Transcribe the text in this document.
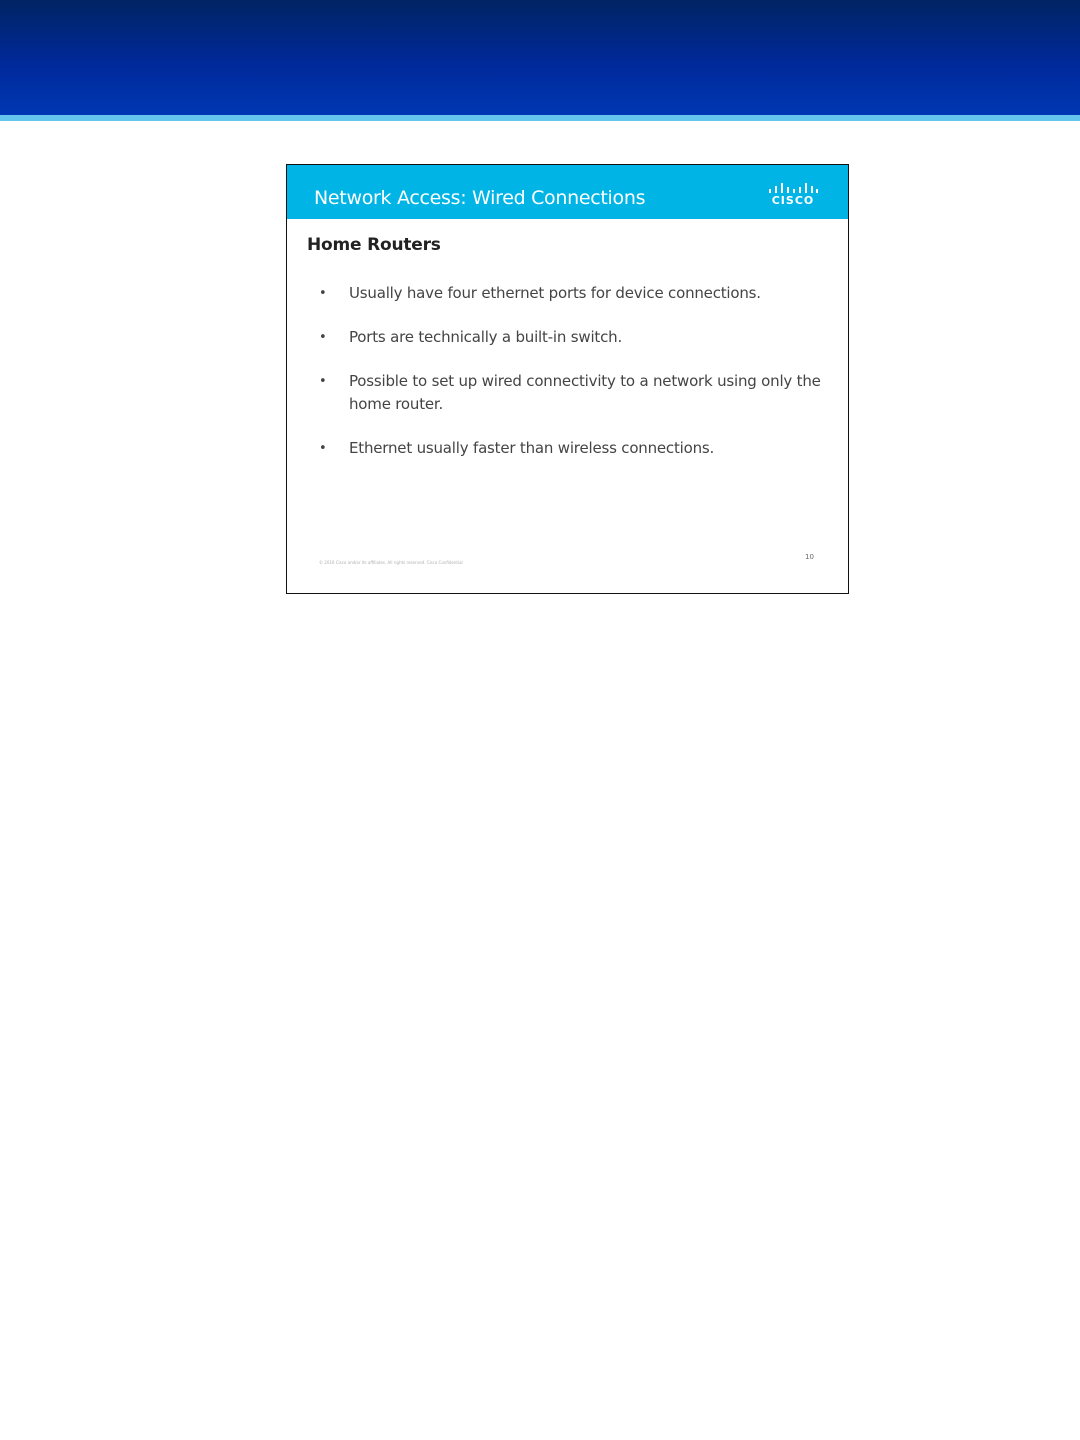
Network Access: Wired Connections	CISCO
Home Routers
• Usually have four ethernet ports for device connections.
• Ports are technically a built-in switch.
• Possible to set up wired connectivity to a network using only the home router.
• Ethernet usually faster than wireless connections.
© 2016 Cisco and/or its affiliates. All rights reserved. Cisco Confidential
10
